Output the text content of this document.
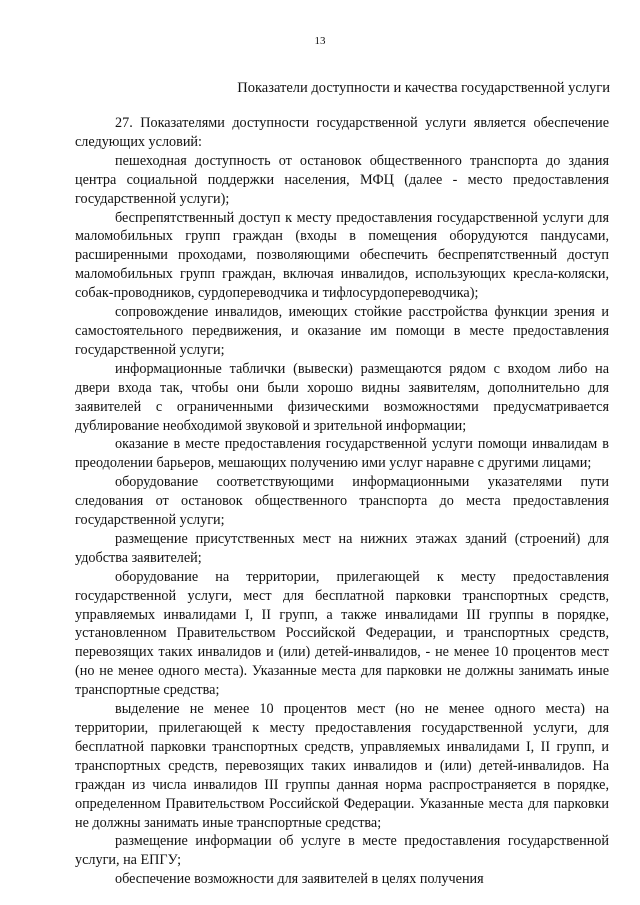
13
Показатели доступности и качества государственной услуги

27. Показателями доступности государственной услуги является обеспечение следующих условий:

пешеходная доступность от остановок общественного транспорта до здания центра социальной поддержки населения, МФЦ (далее - место предоставления государственной услуги);

беспрепятственный доступ к месту предоставления государственной услуги для маломобильных групп граждан (входы в помещения оборудуются пандусами, расширенными проходами, позволяющими обеспечить беспрепятственный доступ маломобильных групп граждан, включая инвалидов, использующих кресла-коляски, собак-проводников, сурдопереводчика и тифлосурдопереводчика);

сопровождение инвалидов, имеющих стойкие расстройства функции зрения и самостоятельного передвижения, и оказание им помощи в месте предоставления государственной услуги;

информационные таблички (вывески) размещаются рядом с входом либо на двери входа так, чтобы они были хорошо видны заявителям, дополнительно для заявителей с ограниченными физическими возможностями предусматривается дублирование необходимой звуковой и зрительной информации;

оказание в месте предоставления государственной услуги помощи инвалидам в преодолении барьеров, мешающих получению ими услуг наравне с другими лицами;

оборудование соответствующими информационными указателями пути следования от остановок общественного транспорта до места предоставления государственной услуги;

размещение присутственных мест на нижних этажах зданий (строений) для удобства заявителей;

оборудование на территории, прилегающей к месту предоставления государственной услуги, мест для бесплатной парковки транспортных средств, управляемых инвалидами I, II групп, а также инвалидами III группы в порядке, установленном Правительством Российской Федерации, и транспортных средств, перевозящих таких инвалидов и (или) детей-инвалидов, - не менее 10 процентов мест (но не менее одного места). Указанные места для парковки не должны занимать иные транспортные средства;

выделение не менее 10 процентов мест (но не менее одного места) на территории, прилегающей к месту предоставления государственной услуги, для бесплатной парковки транспортных средств, управляемых инвалидами I, II групп, и транспортных средств, перевозящих таких инвалидов и (или) детей-инвалидов. На граждан из числа инвалидов III группы данная норма распространяется в порядке, определенном Правительством Российской Федерации. Указанные места для парковки не должны занимать иные транспортные средства;

размещение информации об услуге в месте предоставления государственной услуги, на ЕПГУ;

обеспечение возможности для заявителей в целях получения
